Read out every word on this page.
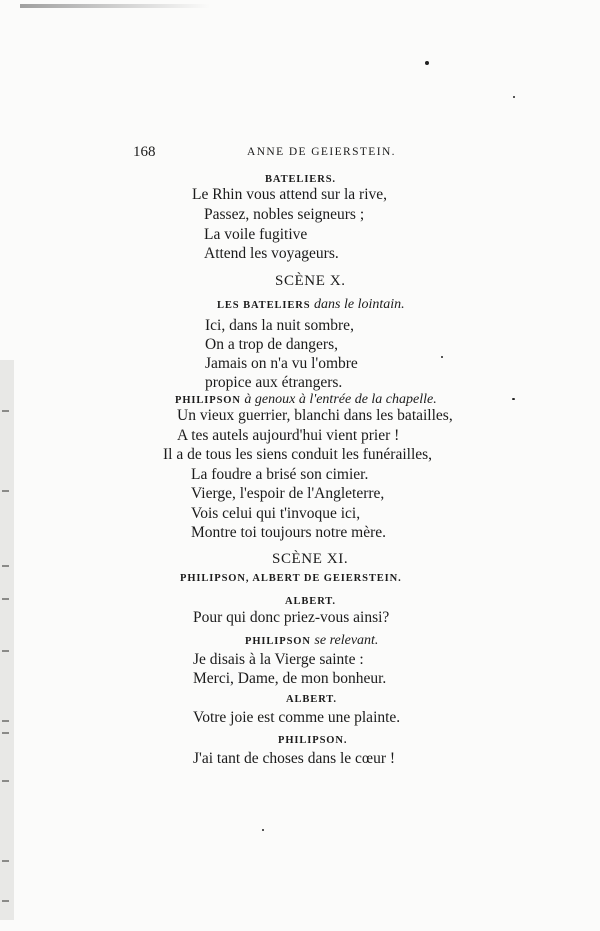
168	ANNE DE GEIERSTEIN.
BATELIERS.
Le Rhin vous attend sur la rive,
Passez, nobles seigneurs ;
La voile fugitive
Attend les voyageurs.
SCÈNE X.
LES BATELIERS dans le lointain.
Ici, dans la nuit sombre,
On a trop de dangers,
Jamais on n'a vu l'ombre
propice aux étrangers.
PHILIPSON à genoux à l'entrée de la chapelle.
Un vieux guerrier, blanchi dans les batailles,
A tes autels aujourd'hui vient prier !
Il a de tous les siens conduit les funérailles,
La foudre a brisé son cimier.
Vierge, l'espoir de l'Angleterre,
Vois celui qui t'invoque ici,
Montre toi toujours notre mère.
SCÈNE XI.
PHILIPSON, ALBERT DE GEIERSTEIN.
ALBERT.
Pour qui donc priez-vous ainsi?
PHILIPSON se relevant.
Je disais à la Vierge sainte :
Merci, Dame, de mon bonheur.
ALBERT.
Votre joie est comme une plainte.
PHILIPSON.
J'ai tant de choses dans le cœur !
